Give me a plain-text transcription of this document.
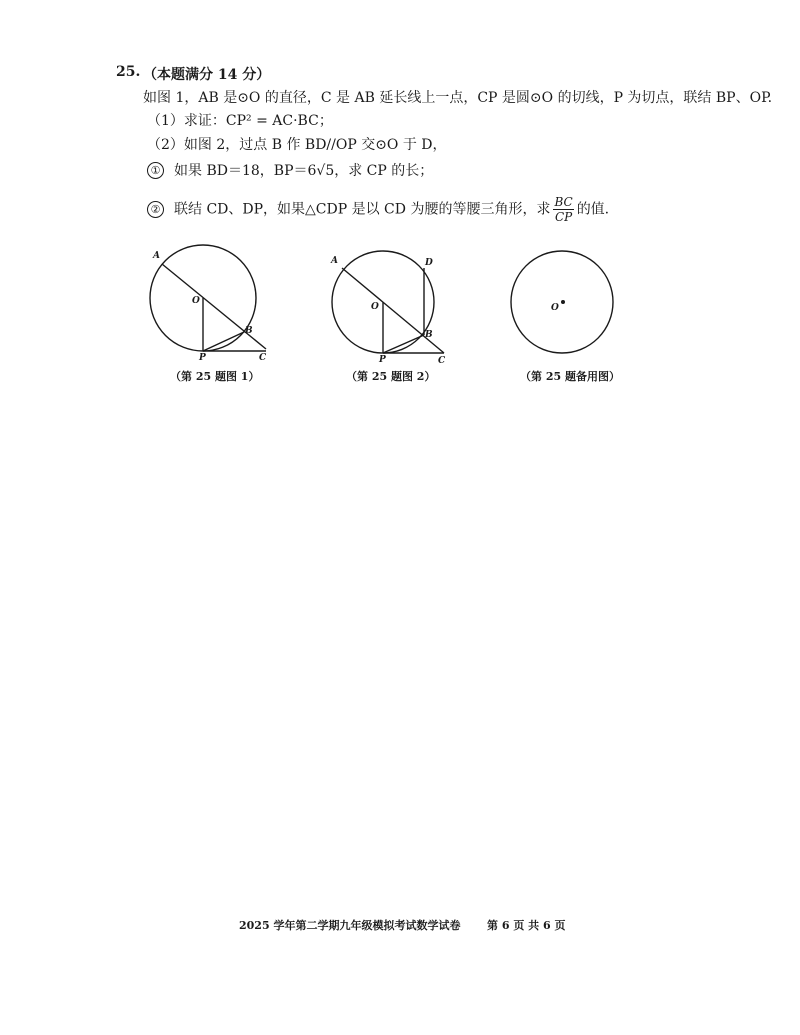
25. （本题满分 14 分）
如图 1，AB 是⊙O 的直径，C 是 AB 延长线上一点，CP 是圆⊙O 的切线，P 为切点，联结 BP、OP.
（1）求证：CP² = AC·BC；
（2）如图 2，过点 B 作 BD//OP 交⊙O 于 D，
① 如果 BD＝18，BP＝6√5，求 CP 的长；
② 联结 CD、DP，如果△CDP 是以 CD 为腰的等腰三角形，求 $\frac{BC}{CP}$ 的值.
A
O
B
P	C
A
O
B
P	C
D
O
（第 25 题图 1）	（第 25 题图 2）	（第 25 题备用图）
2025 学年第二学期九年级模拟考试数学试卷 第 6 页 共 6 页
